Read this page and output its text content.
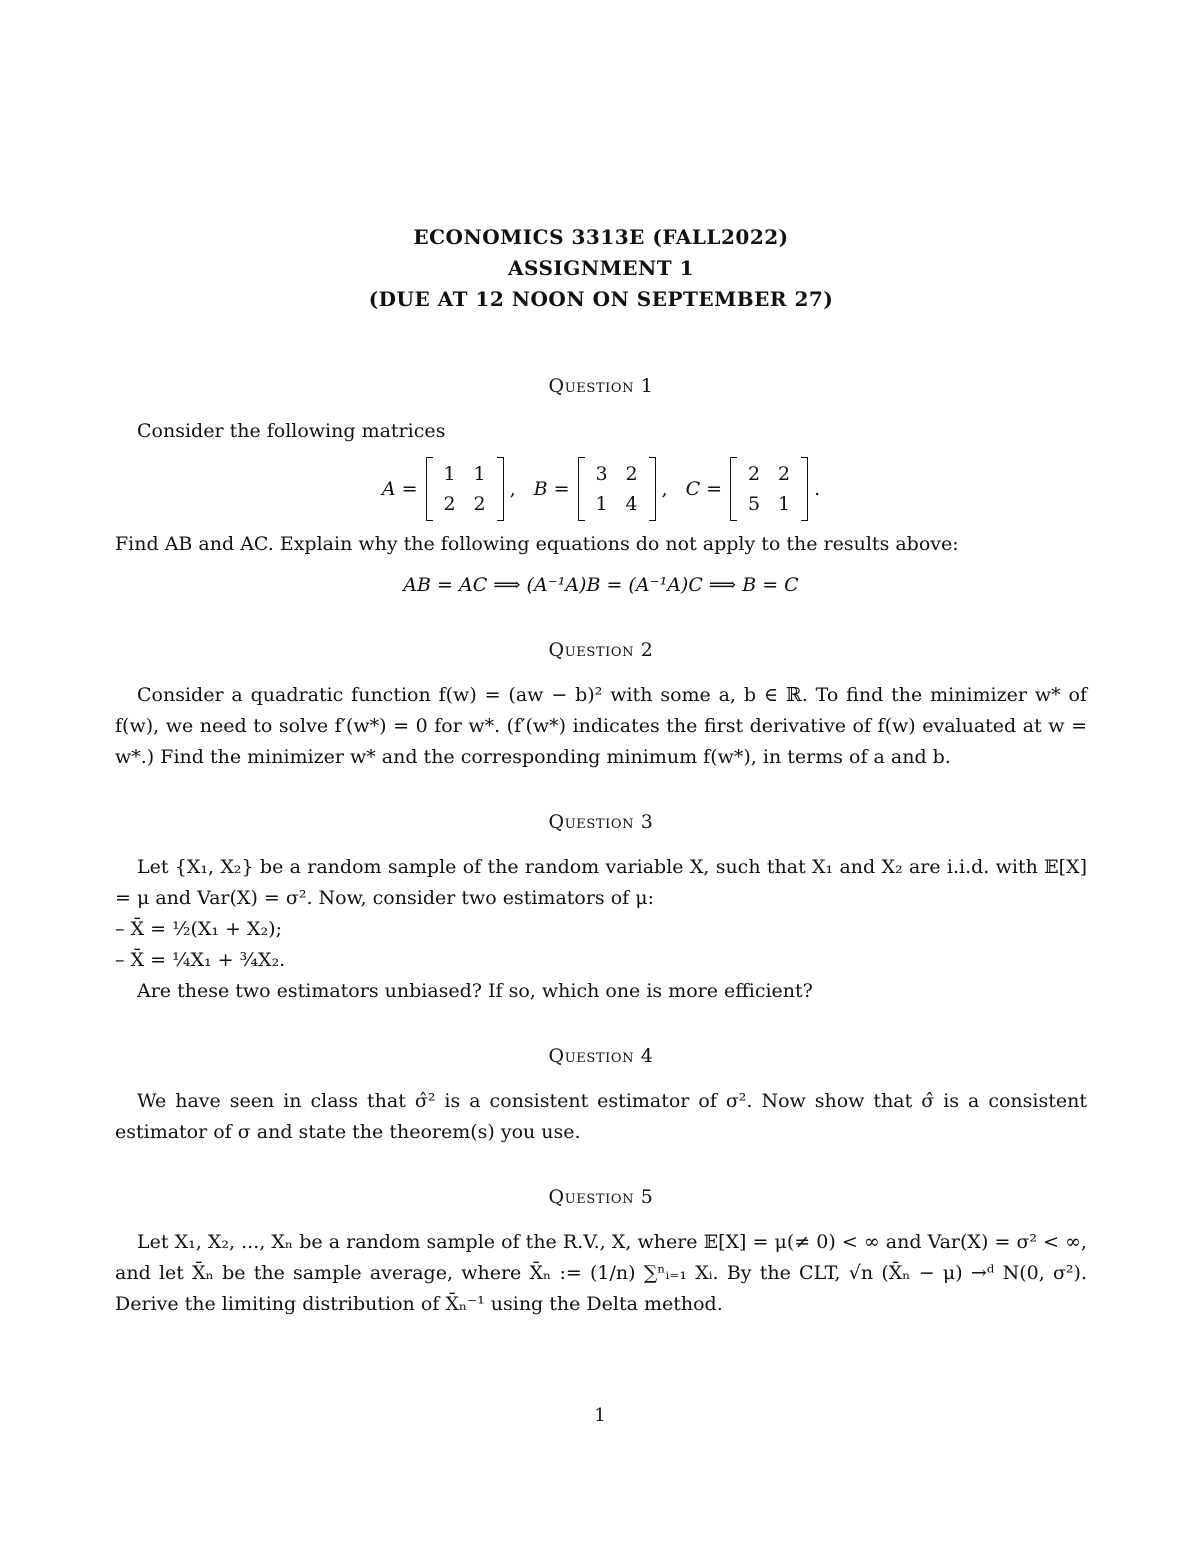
ECONOMICS 3313E (FALL2022)
ASSIGNMENT 1
(DUE AT 12 NOON ON SEPTEMBER 27)
Question 1

Consider the following matrices

A =
1 1
2 2
, B =
3 2
1 4
, C =
2 2
5 1
.

Find AB and AC. Explain why the following equations do not apply to the results above:

AB = AC ⟹ (A⁻¹A)B = (A⁻¹A)C ⟹ B = C
Question 2

Consider a quadratic function f(w) = (aw − b)² with some a, b ∈ ℝ. To find the minimizer w* of f(w), we need to solve f′(w*) = 0 for w*. (f′(w*) indicates the first derivative of f(w) evaluated at w = w*.) Find the minimizer w* and the corresponding minimum f(w*), in terms of a and b.

Question 3

Let {X₁, X₂} be a random sample of the random variable X, such that X₁ and X₂ are i.i.d. with 𝔼[X] = μ and Var(X) = σ². Now, consider two estimators of μ:

– X̄ = ½(X₁ + X₂);

– X̄ = ¼X₁ + ¾X₂.

Are these two estimators unbiased? If so, which one is more efficient?

Question 4

We have seen in class that σ̂² is a consistent estimator of σ². Now show that σ̂ is a consistent estimator of σ and state the theorem(s) you use.

Question 5

Let X₁, X₂, ..., Xₙ be a random sample of the R.V., X, where 𝔼[X] = μ(≠ 0) < ∞ and Var(X) = σ² < ∞, and let X̄ₙ be the sample average, where X̄ₙ := (1/n) ∑ⁿᵢ₌₁ Xᵢ. By the CLT, √n (X̄ₙ − μ) →ᵈ N(0, σ²). Derive the limiting distribution of X̄ₙ⁻¹ using the Delta method.

1
